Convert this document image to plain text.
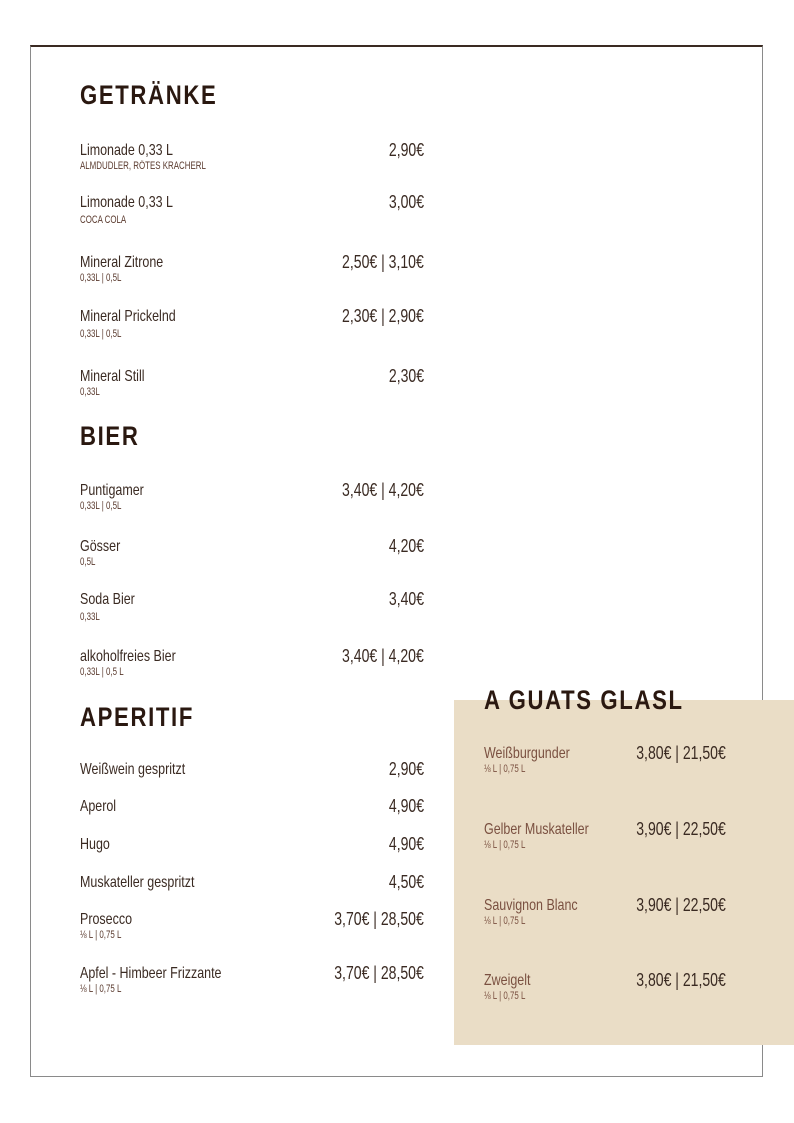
GETRÄNKE
Limonade 0,33 L
ALMDUDLER, RÖTES KRACHERL
2,90€
Limonade 0,33 L
COCA COLA
3,00€
Mineral Zitrone
0,33L | 0,5L
2,50€ | 3,10€
Mineral Prickelnd
0,33L | 0,5L
2,30€ | 2,90€
Mineral Still
0,33L
2,30€
BIER
Puntigamer
0,33L | 0,5L
3,40€ | 4,20€
Gösser
0,5L
4,20€
Soda Bier
0,33L
3,40€
alkoholfreies Bier
0,33L | 0,5 L
3,40€ | 4,20€
APERITIF
Weißwein gespritzt	2,90€
Aperol	4,90€
Hugo	4,90€
Muskateller gespritzt	4,50€
Prosecco
⅛ L | 0,75 L
3,70€ | 28,50€
Apfel - Himbeer Frizzante
⅛ L | 0,75 L
3,70€ | 28,50€
A GUATS GLASL
Weißburgunder
⅛ L | 0,75 L
3,80€ | 21,50€
Gelber Muskateller
⅛ L | 0,75 L
3,90€ | 22,50€
Sauvignon Blanc
⅛ L | 0,75 L
3,90€ | 22,50€
Zweigelt
⅛ L | 0,75 L
3,80€ | 21,50€
